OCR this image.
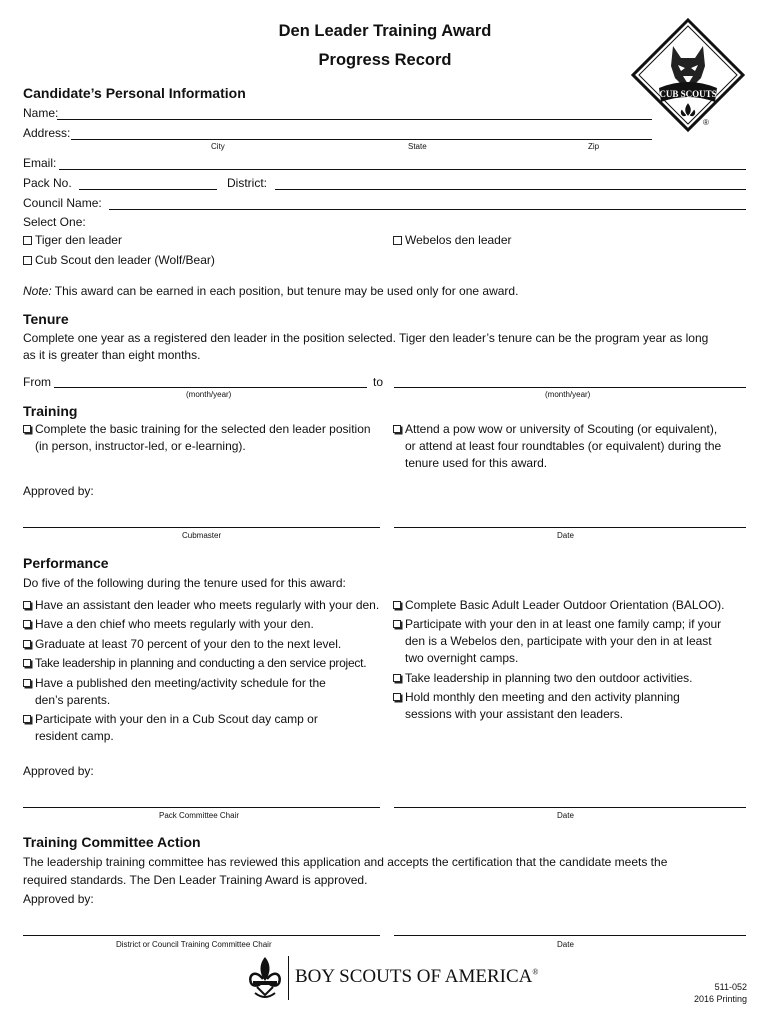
Den Leader Training Award
Progress Record
CUB SCOUTS
®
Candidate’s Personal Information
Name:
Address:
City	State	Zip
Email:
Pack No.	District:
Council Name:
Select One:
Tiger den leader	Webelos den leader
Cub Scout den leader (Wolf/Bear)
Note: This award can be earned in each position, but tenure may be used only for one award.
Tenure
Complete one year as a registered den leader in the position selected. Tiger den leader’s tenure can be the program year as long
as it is greater than eight months.
From	to
(month/year)	(month/year)
Training
Complete the basic training for the selected den leader position
(in person, instructor-led, or e-learning).
Attend a pow wow or university of Scouting (or equivalent),
or attend at least four roundtables (or equivalent) during the
tenure used for this award.
Approved by:
Cubmaster	Date
Performance
Do five of the following during the tenure used for this award:
Have an assistant den leader who meets regularly with your den.
Have a den chief who meets regularly with your den.
Graduate at least 70 percent of your den to the next level.
Take leadership in planning and conducting a den service project.
Have a published den meeting/activity schedule for the
den’s parents.
Participate with your den in a Cub Scout day camp or
resident camp.
Complete Basic Adult Leader Outdoor Orientation (BALOO).
Participate with your den in at least one family camp; if your
den is a Webelos den, participate with your den in at least
two overnight camps.
Take leadership in planning two den outdoor activities.
Hold monthly den meeting and den activity planning
sessions with your assistant den leaders.
Approved by:
Pack Committee Chair	Date
Training Committee Action
The leadership training committee has reviewed this application and accepts the certification that the candidate meets the
required standards. The Den Leader Training Award is approved.
Approved by:
District or Council Training Committee Chair	Date
BOY SCOUTS OF AMERICA®
511-052
2016 Printing
